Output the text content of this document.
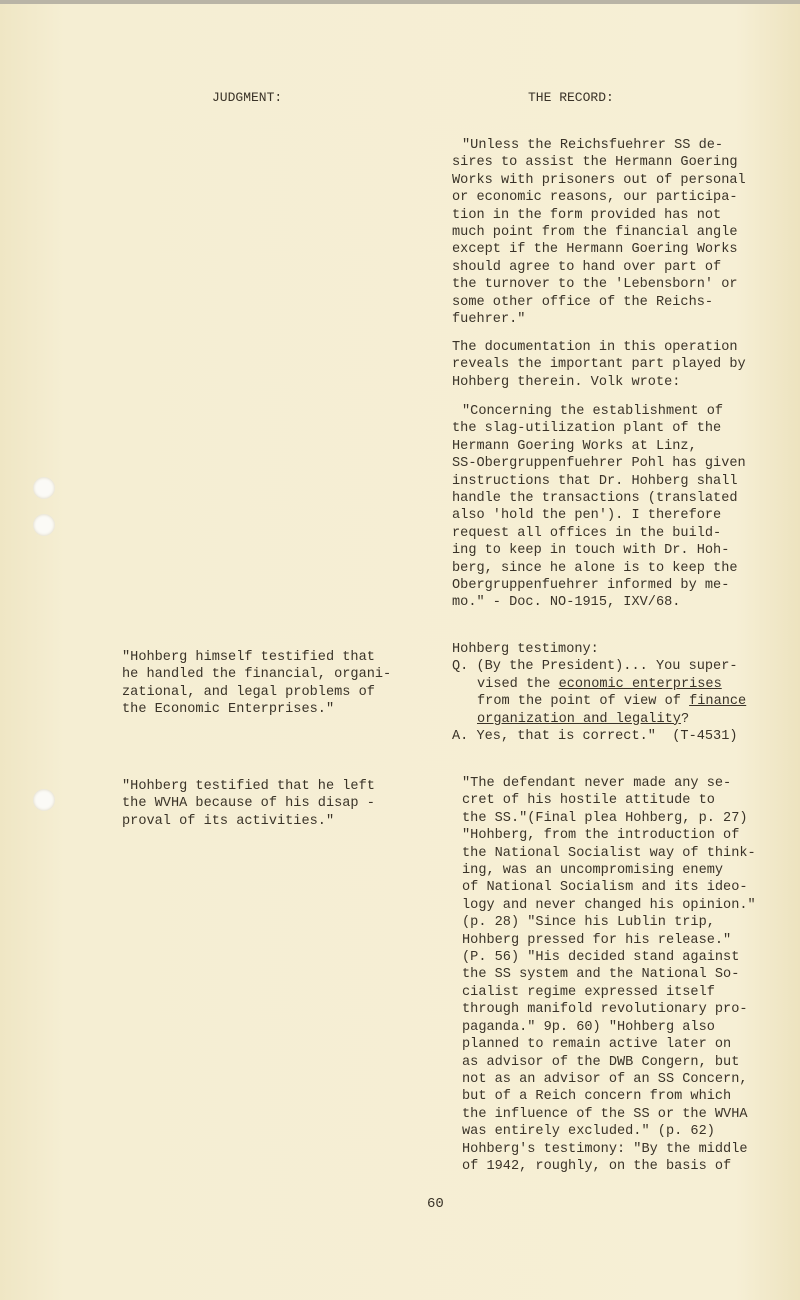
JUDGMENT:	THE RECORD:
"Unless the Reichsfuehrer SS de-
sires to assist the Hermann Goering
Works with prisoners out of personal
or economic reasons, our participa-
tion in the form provided has not
much point from the financial angle
except if the Hermann Goering Works
should agree to hand over part of
the turnover to the 'Lebensborn' or
some other office of the Reichs-
fuehrer."
The documentation in this operation
reveals the important part played by
Hohberg therein. Volk wrote:
"Concerning the establishment of
the slag-utilization plant of the
Hermann Goering Works at Linz,
SS-Obergruppenfuehrer Pohl has given
instructions that Dr. Hohberg shall
handle the transactions (translated
also 'hold the pen'). I therefore
request all offices in the build-
ing to keep in touch with Dr. Hoh-
berg, since he alone is to keep the
Obergruppenfuehrer informed by me-
mo." - Doc. NO-1915, IXV/68.
Hohberg testimony:
Q. (By the President)... You super-
vised the economic enterprises
from the point of view of finance
organization and legality?
A. Yes, that is correct."  (T-4531)
"The defendant never made any se-
cret of his hostile attitude to
the SS."(Final plea Hohberg, p. 27)
"Hohberg, from the introduction of
the National Socialist way of think-
ing, was an uncompromising enemy
of National Socialism and its ideo-
logy and never changed his opinion."
(p. 28) "Since his Lublin trip,
Hohberg pressed for his release."
(P. 56) "His decided stand against
the SS system and the National So-
cialist regime expressed itself
through manifold revolutionary pro-
paganda." 9p. 60) "Hohberg also
planned to remain active later on
as advisor of the DWB Congern, but
not as an advisor of an SS Concern,
but of a Reich concern from which
the influence of the SS or the WVHA
was entirely excluded." (p. 62)
Hohberg's testimony: "By the middle
of 1942, roughly, on the basis of
"Hohberg himself testified that
he handled the financial, organi-
zational, and legal problems of
the Economic Enterprises."
"Hohberg testified that he left
the WVHA because of his disap -
proval of its activities."
60
